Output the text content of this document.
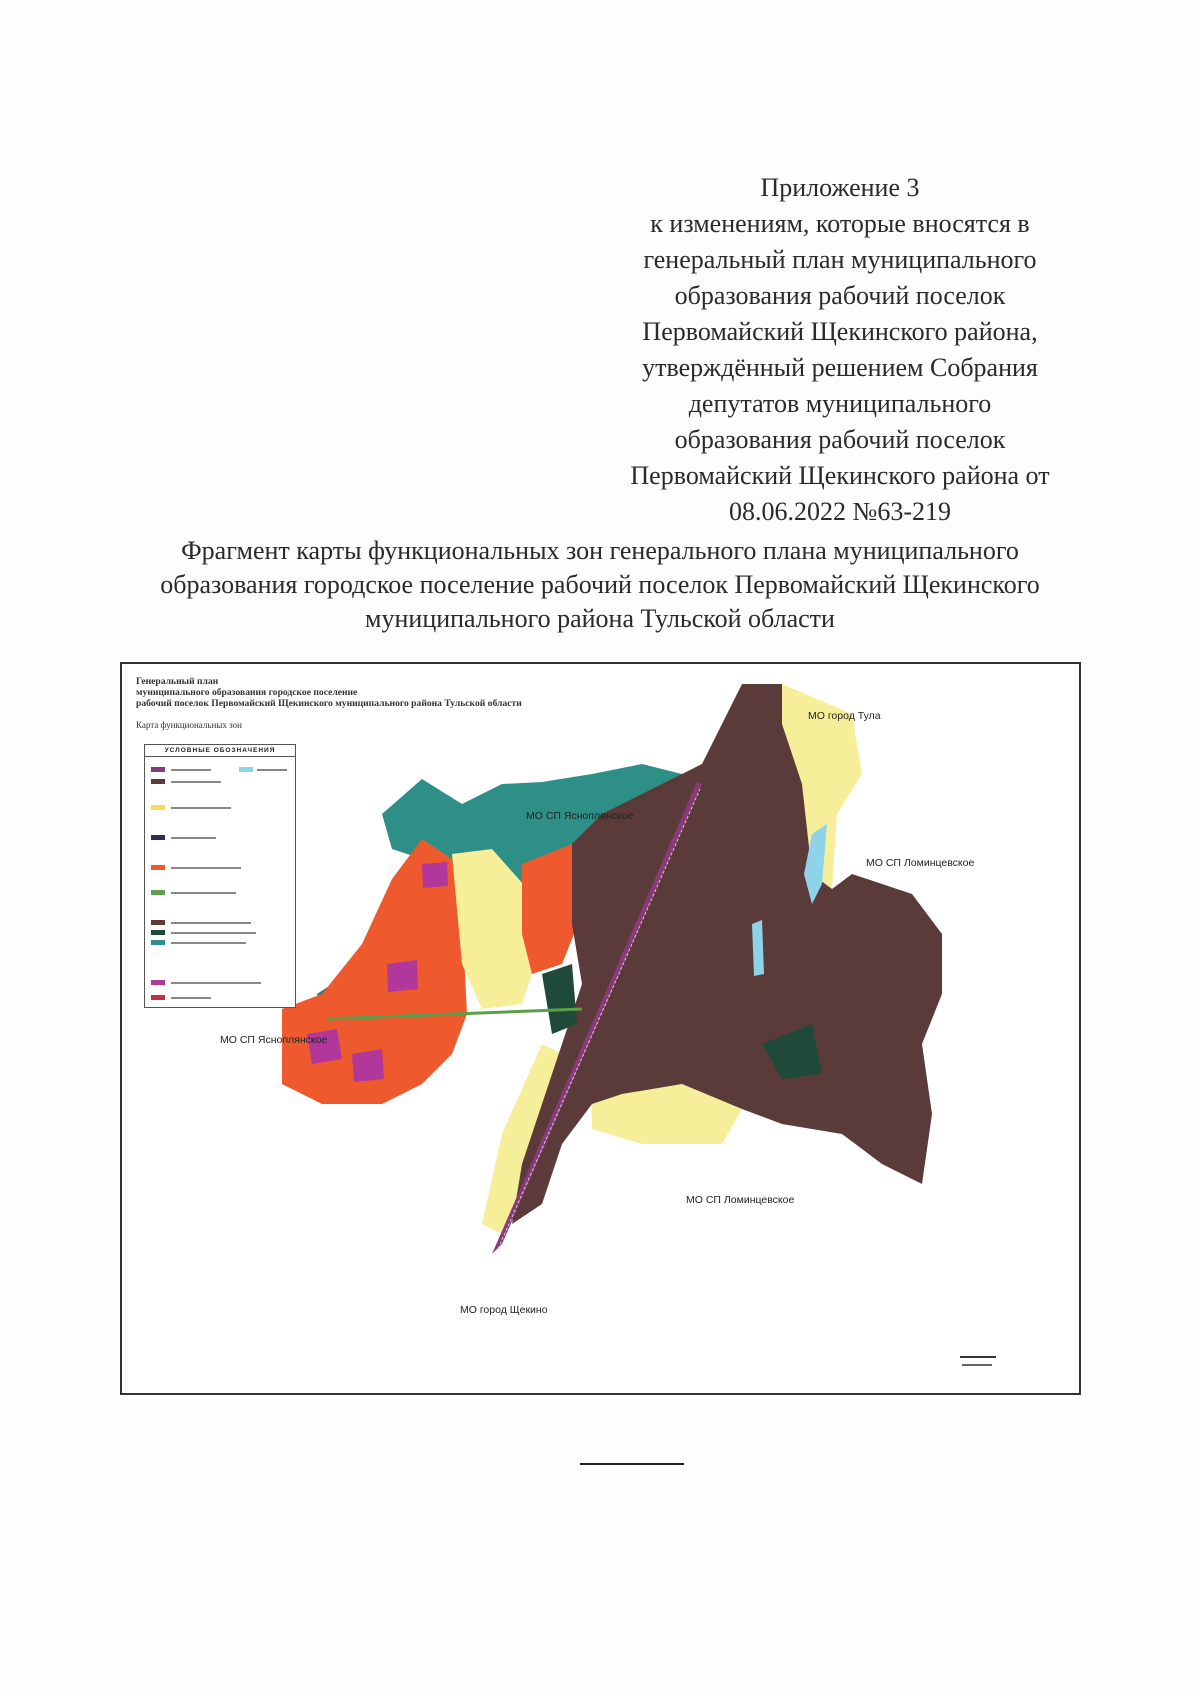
Приложение 3
к изменениям, которые вносятся в
генеральный план муниципального
образования рабочий поселок
Первомайский Щекинского района,
утверждённый решением Собрания
депутатов муниципального
образования рабочий поселок
Первомайский Щекинского района от
08.06.2022 №63-219
Фрагмент карты функциональных зон генерального плана муниципального
образования городское поселение рабочий поселок Первомайский Щекинского
муниципального района Тульской области
Генеральный план
муниципального образования городское поселение
рабочий поселок Первомайский Щекинского муниципального района Тульской области
Карта функциональных зон
УСЛОВНЫЕ ОБОЗНАЧЕНИЯ
МО город Тула
МО СП Ясноплянское
МО СП Ломинцевское
МО СП Ясноплянское
МО СП Ломинцевское
МО город Щекино
